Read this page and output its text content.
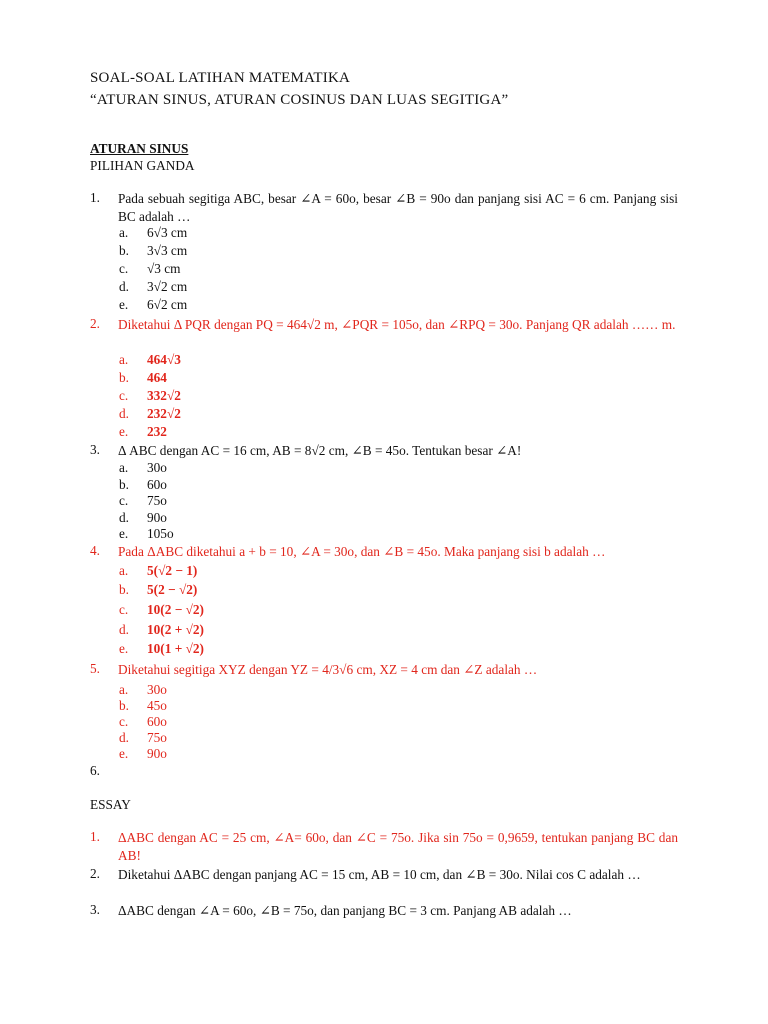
SOAL-SOAL LATIHAN MATEMATIKA
“ATURAN SINUS, ATURAN COSINUS DAN LUAS SEGITIGA”
ATURAN SINUS
PILIHAN GANDA
1. Pada sebuah segitiga ABC, besar ∠A = 60o, besar ∠B = 90o dan panjang sisi AC = 6 cm. Panjang sisi BC adalah …
a. 6√3 cm
b. 3√3 cm
c. √3 cm
d. 3√2 cm
e. 6√2 cm
2. Diketahui Δ PQR dengan PQ = 464√2 m, ∠PQR = 105o, dan ∠RPQ = 30o. Panjang QR adalah …… m.
a. 464√3
b. 464
c. 332√2
d. 232√2
e. 232
3. Δ ABC dengan AC = 16 cm, AB = 8√2 cm, ∠B = 45o. Tentukan besar ∠A!
a. 30o
b. 60o
c. 75o
d. 90o
e. 105o
4. Pada ΔABC diketahui a + b = 10, ∠A = 30o, dan ∠B = 45o. Maka panjang sisi b adalah …
a. 5(√2 − 1)
b. 5(2 − √2)
c. 10(2 − √2)
d. 10(2 + √2)
e. 10(1 + √2)
5. Diketahui segitiga XYZ dengan YZ = 4/3√6 cm, XZ = 4 cm dan ∠Z adalah …
a. 30o
b. 45o
c. 60o
d. 75o
e. 90o
6.
ESSAY
1. ΔABC dengan AC = 25 cm, ∠A= 60o, dan ∠C = 75o. Jika sin 75o = 0,9659, tentukan panjang BC dan AB!
2. Diketahui ΔABC dengan panjang AC = 15 cm, AB = 10 cm, dan ∠B = 30o. Nilai cos C adalah …
3. ΔABC dengan ∠A = 60o, ∠B = 75o, dan panjang BC = 3 cm. Panjang AB adalah …
